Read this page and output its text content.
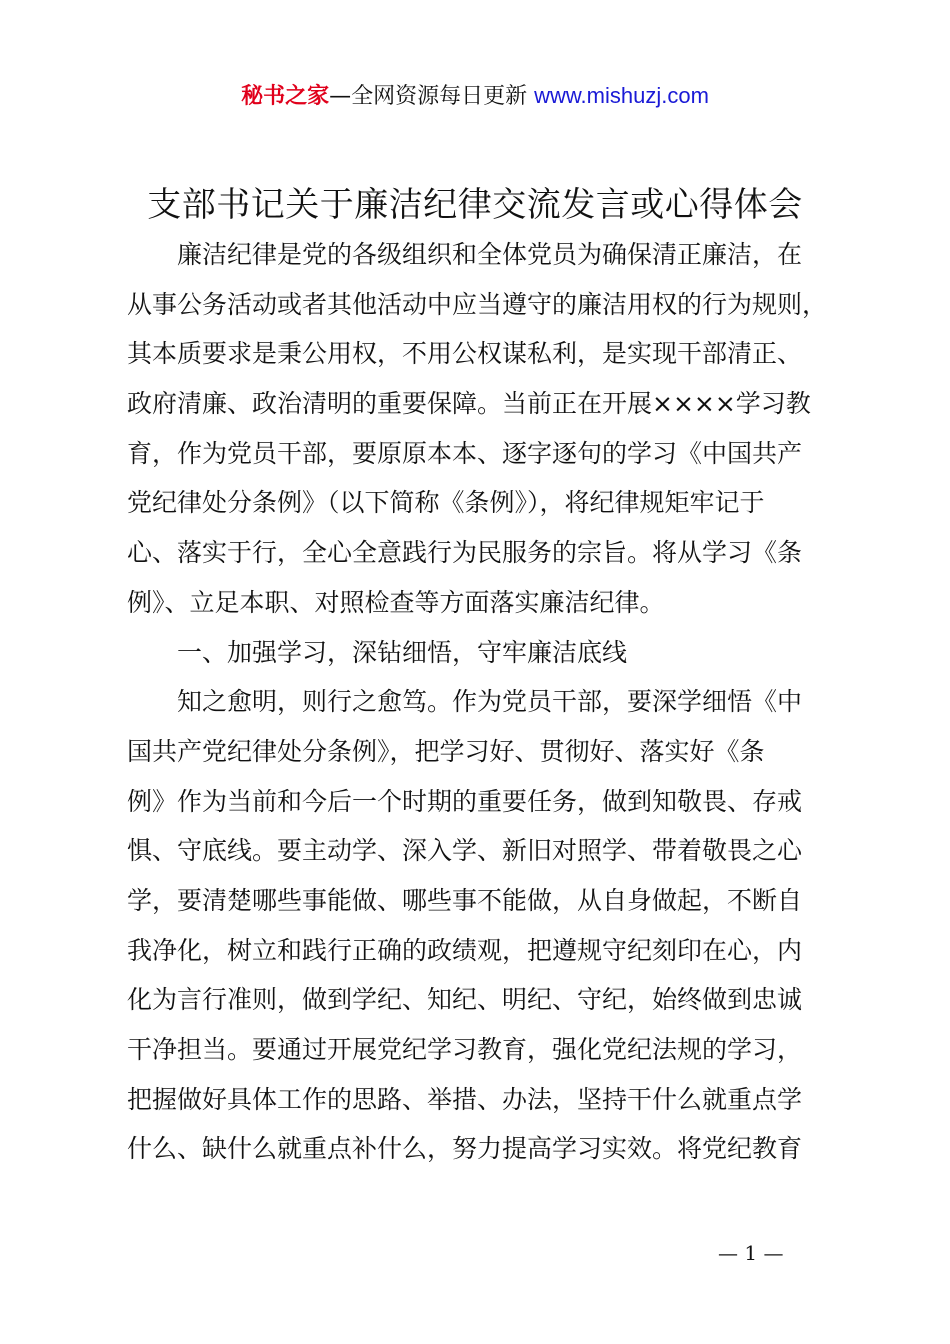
秘书之家—全网资源每日更新 www.mishuzj.com
支部书记关于廉洁纪律交流发言或心得体会
廉洁纪律是党的各级组织和全体党员为确保清正廉洁，在
从事公务活动或者其他活动中应当遵守的廉洁用权的行为规则，
其本质要求是秉公用权，不用公权谋私利，是实现干部清正、
政府清廉、政治清明的重要保障。当前正在开展××××学习教
育，作为党员干部，要原原本本、逐字逐句的学习《中国共产
党纪律处分条例》（以下简称《条例》），将纪律规矩牢记于
心、落实于行，全心全意践行为民服务的宗旨。将从学习《条
例》、立足本职、对照检查等方面落实廉洁纪律。
一、加强学习，深钻细悟，守牢廉洁底线
知之愈明，则行之愈笃。作为党员干部，要深学细悟《中
国共产党纪律处分条例》，把学习好、贯彻好、落实好《条
例》作为当前和今后一个时期的重要任务，做到知敬畏、存戒
惧、守底线。要主动学、深入学、新旧对照学、带着敬畏之心
学，要清楚哪些事能做、哪些事不能做，从自身做起，不断自
我净化，树立和践行正确的政绩观，把遵规守纪刻印在心，内
化为言行准则，做到学纪、知纪、明纪、守纪，始终做到忠诚
干净担当。要通过开展党纪学习教育，强化党纪法规的学习，
把握做好具体工作的思路、举措、办法，坚持干什么就重点学
什么、缺什么就重点补什么，努力提高学习实效。将党纪教育
— 1 —
